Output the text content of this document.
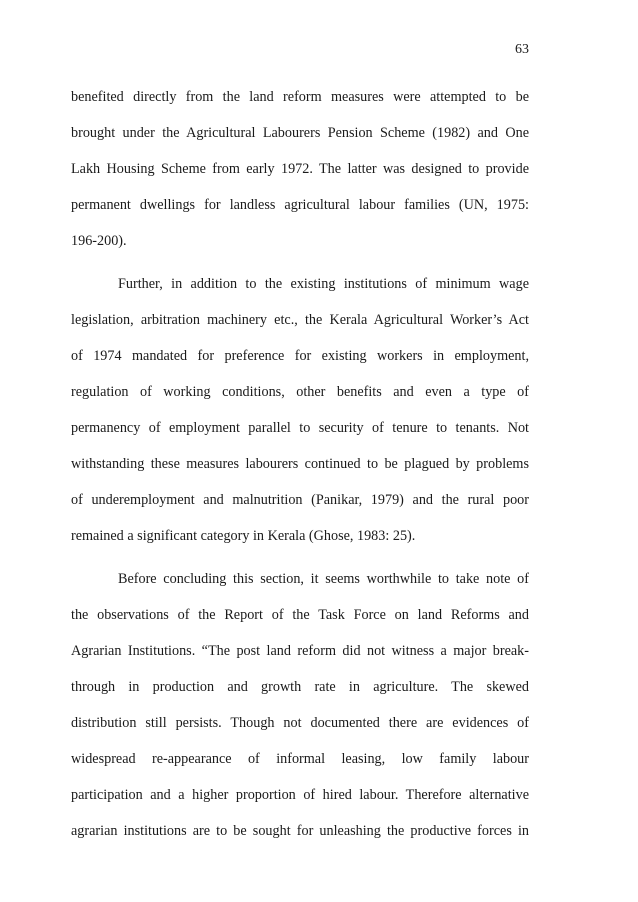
63
benefited directly from the land reform measures were attempted to be
brought under the Agricultural Labourers Pension Scheme (1982) and One
Lakh Housing Scheme from early 1972. The latter was designed to provide
permanent dwellings for landless agricultural labour families (UN, 1975:
196-200).
Further, in addition to the existing institutions of minimum wage
legislation, arbitration machinery etc., the Kerala Agricultural Worker’s Act
of 1974 mandated for preference for existing workers in employment,
regulation of working conditions, other benefits and even a type of
permanency of employment parallel to security of tenure to tenants. Not
withstanding these measures labourers continued to be plagued by problems
of underemployment and malnutrition (Panikar, 1979) and the rural poor
remained a significant category in Kerala (Ghose, 1983: 25).
Before concluding this section, it seems worthwhile to take note of
the observations of the Report of the Task Force on land Reforms and
Agrarian Institutions. “The post land reform did not witness a major break-
through in production and growth rate in agriculture. The skewed
distribution still persists. Though not documented there are evidences of
widespread re-appearance of informal leasing, low family labour
participation and a higher proportion of hired labour. Therefore alternative
agrarian institutions are to be sought for unleashing the productive forces in
